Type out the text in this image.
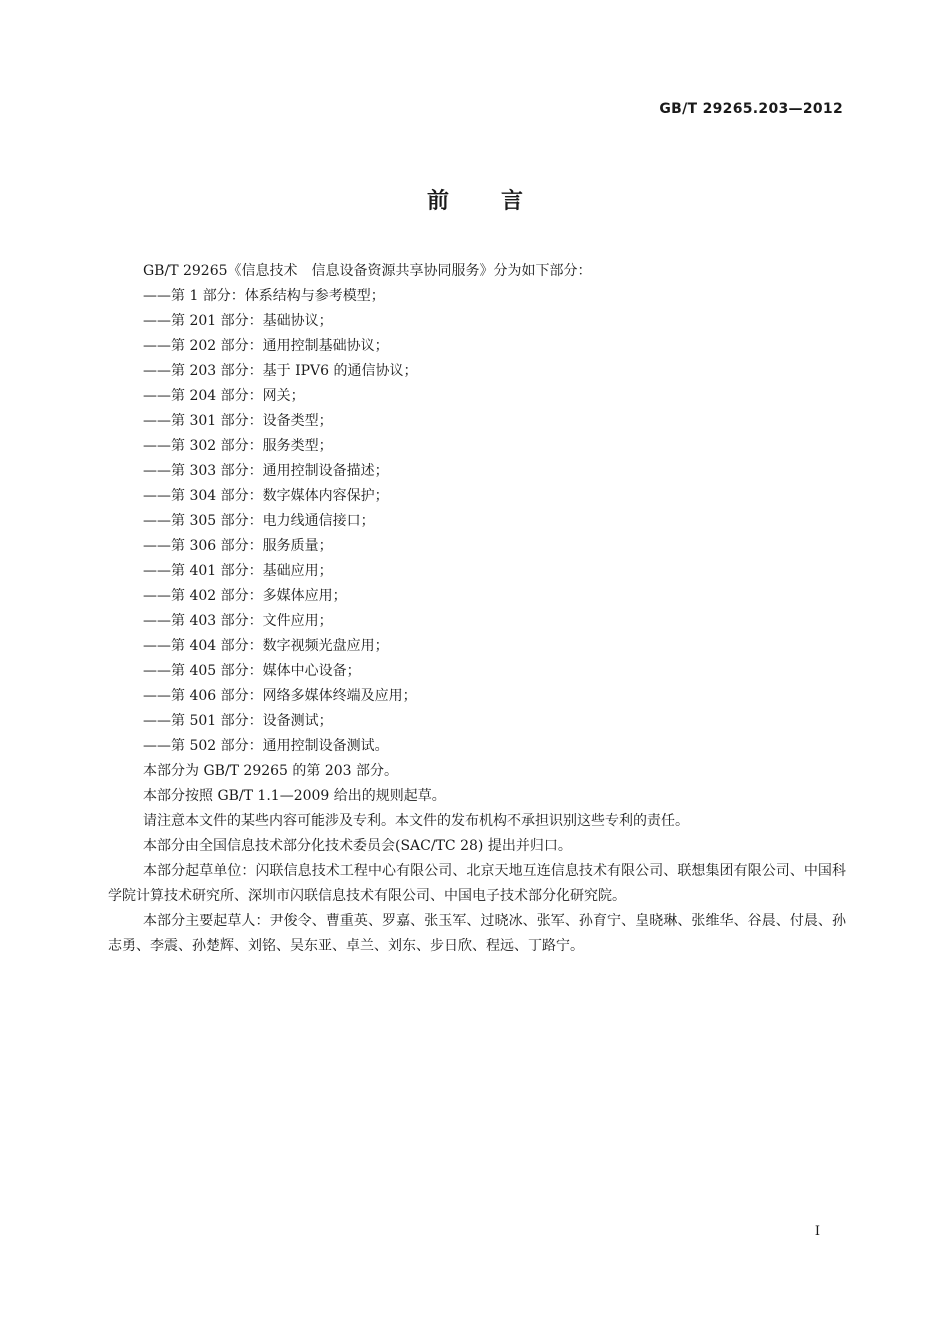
GB/T 29265.203—2012
前言
GB/T 29265《信息技术　信息设备资源共享协同服务》分为如下部分：
——第 1 部分：体系结构与参考模型；
——第 201 部分：基础协议；
——第 202 部分：通用控制基础协议；
——第 203 部分：基于 IPV6 的通信协议；
——第 204 部分：网关；
——第 301 部分：设备类型；
——第 302 部分：服务类型；
——第 303 部分：通用控制设备描述；
——第 304 部分：数字媒体内容保护；
——第 305 部分：电力线通信接口；
——第 306 部分：服务质量；
——第 401 部分：基础应用；
——第 402 部分：多媒体应用；
——第 403 部分：文件应用；
——第 404 部分：数字视频光盘应用；
——第 405 部分：媒体中心设备；
——第 406 部分：网络多媒体终端及应用；
——第 501 部分：设备测试；
——第 502 部分：通用控制设备测试。
本部分为 GB/T 29265 的第 203 部分。
本部分按照 GB/T 1.1—2009 给出的规则起草。
请注意本文件的某些内容可能涉及专利。本文件的发布机构不承担识别这些专利的责任。
本部分由全国信息技术部分化技术委员会(SAC/TC 28) 提出并归口。
本部分起草单位：闪联信息技术工程中心有限公司、北京天地互连信息技术有限公司、联想集团有限公司、中国科学院计算技术研究所、深圳市闪联信息技术有限公司、中国电子技术部分化研究院。
本部分主要起草人：尹俊令、曹重英、罗嘉、张玉军、过晓冰、张军、孙育宁、皇晓琳、张维华、谷晨、付晨、孙志勇、李震、孙楚辉、刘铭、吴东亚、卓兰、刘东、步日欣、程远、丁路宁。
I
